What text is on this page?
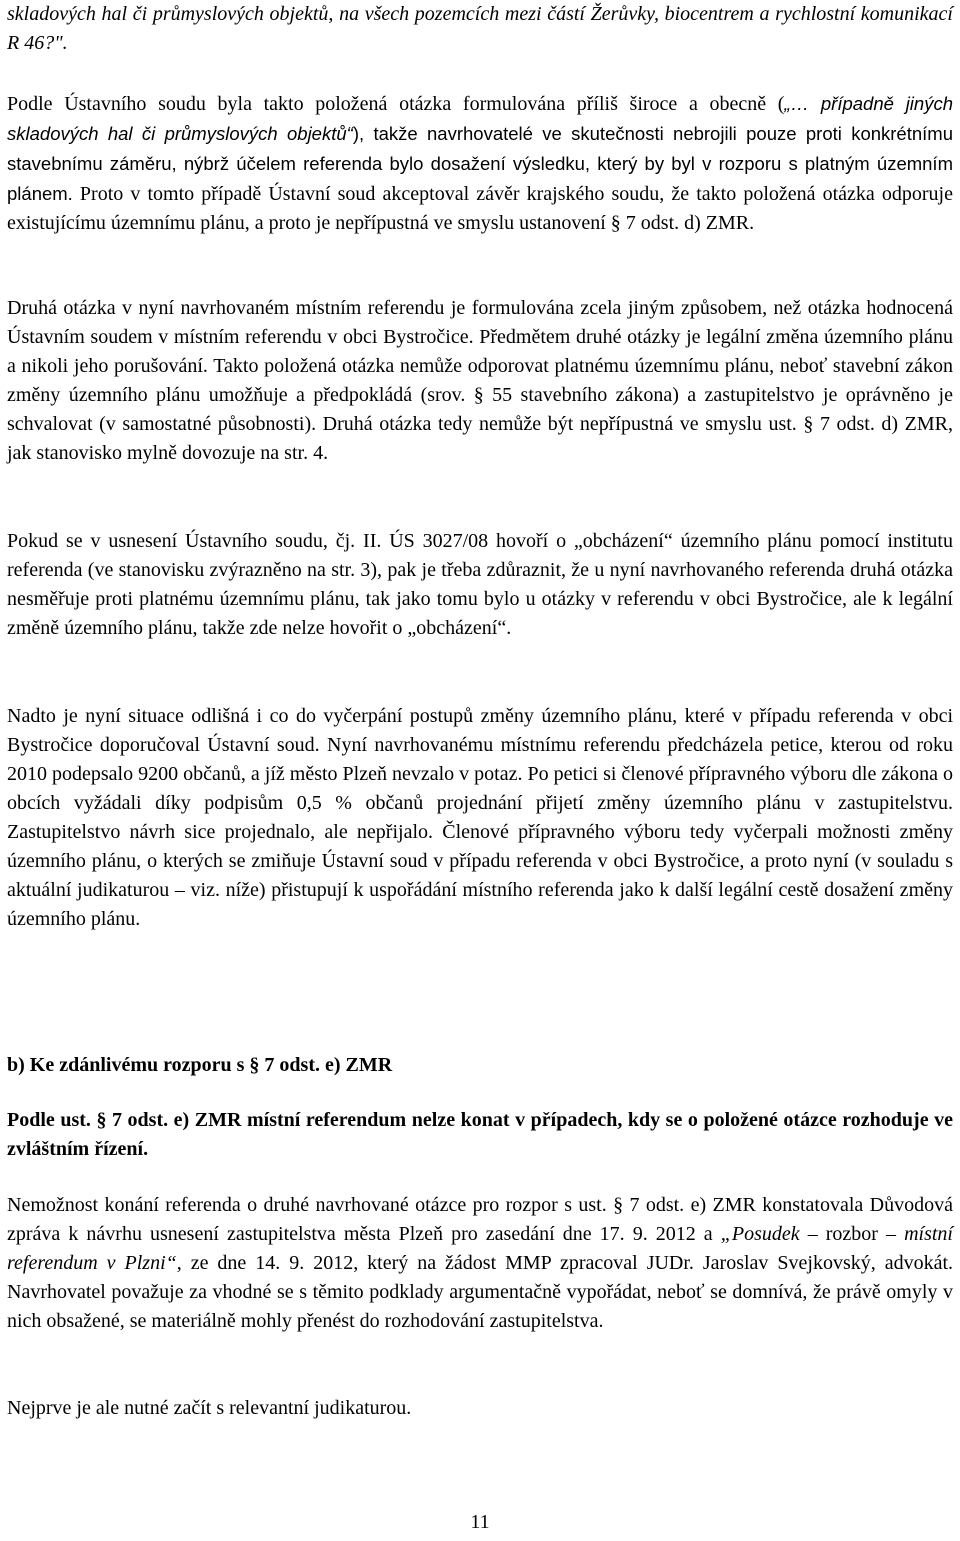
skladových hal či průmyslových objektů, na všech pozemcích mezi částí Žerůvky, biocentrem a rychlostní komunikací R 46?".

Podle Ústavního soudu byla takto položená otázka formulována příliš široce a obecně („… případně jiných skladových hal či průmyslových objektů“), takže navrhovatelé ve skutečnosti nebrojili pouze proti konkrétnímu stavebnímu záměru, nýbrž účelem referenda bylo dosažení výsledku, který by byl v rozporu s platným územním plánem. Proto v tomto případě Ústavní soud akceptoval závěr krajského soudu, že takto položená otázka odporuje existujícímu územnímu plánu, a proto je nepřípustná ve smyslu ustanovení § 7 odst. d) ZMR.

Druhá otázka v nyní navrhovaném místním referendu je formulována zcela jiným způsobem, než otázka hodnocená Ústavním soudem v místním referendu v obci Bystročice. Předmětem druhé otázky je legální změna územního plánu a nikoli jeho porušování. Takto položená otázka nemůže odporovat platnému územnímu plánu, neboť stavební zákon změny územního plánu umožňuje a předpokládá (srov. § 55 stavebního zákona) a zastupitelstvo je oprávněno je schvalovat (v samostatné působnosti). Druhá otázka tedy nemůže být nepřípustná ve smyslu ust. § 7 odst. d) ZMR, jak stanovisko mylně dovozuje na str. 4.

Pokud se v usnesení Ústavního soudu, čj. II. ÚS 3027/08 hovoří o „obcházení“ územního plánu pomocí institutu referenda (ve stanovisku zvýrazněno na str. 3), pak je třeba zdůraznit, že u nyní navrhovaného referenda druhá otázka nesměřuje proti platnému územnímu plánu, tak jako tomu bylo u otázky v referendu v obci Bystročice, ale k legální změně územního plánu, takže zde nelze hovořit o „obcházení“.

Nadto je nyní situace odlišná i co do vyčerpání postupů změny územního plánu, které v případu referenda v obci Bystročice doporučoval Ústavní soud. Nyní navrhovanému místnímu referendu předcházela petice, kterou od roku 2010 podepsalo 9200 občanů, a jíž město Plzeň nevzalo v potaz. Po petici si členové přípravného výboru dle zákona o obcích vyžádali díky podpisům 0,5 % občanů projednání přijetí změny územního plánu v zastupitelstvu. Zastupitelstvo návrh sice projednalo, ale nepřijalo. Členové přípravného výboru tedy vyčerpali možnosti změny územního plánu, o kterých se zmiňuje Ústavní soud v případu referenda v obci Bystročice, a proto nyní (v souladu s aktuální judikaturou – viz. níže) přistupují k uspořádání místního referenda jako k další legální cestě dosažení změny územního plánu.

b) Ke zdánlivému rozporu s § 7 odst. e) ZMR

Podle ust. § 7 odst. e) ZMR místní referendum nelze konat v případech, kdy se o položené otázce rozhoduje ve zvláštním řízení.

Nemožnost konání referenda o druhé navrhované otázce pro rozpor s ust. § 7 odst. e) ZMR konstatovala Důvodová zpráva k návrhu usnesení zastupitelstva města Plzeň pro zasedání dne 17. 9. 2012 a „Posudek – rozbor – místní referendum v Plzni“, ze dne 14. 9. 2012, který na žádost MMP zpracoval JUDr. Jaroslav Svejkovský, advokát. Navrhovatel považuje za vhodné se s těmito podklady argumentačně vypořádat, neboť se domnívá, že právě omyly v nich obsažené, se materiálně mohly přenést do rozhodování zastupitelstva.

Nejprve je ale nutné začít s relevantní judikaturou.

11
